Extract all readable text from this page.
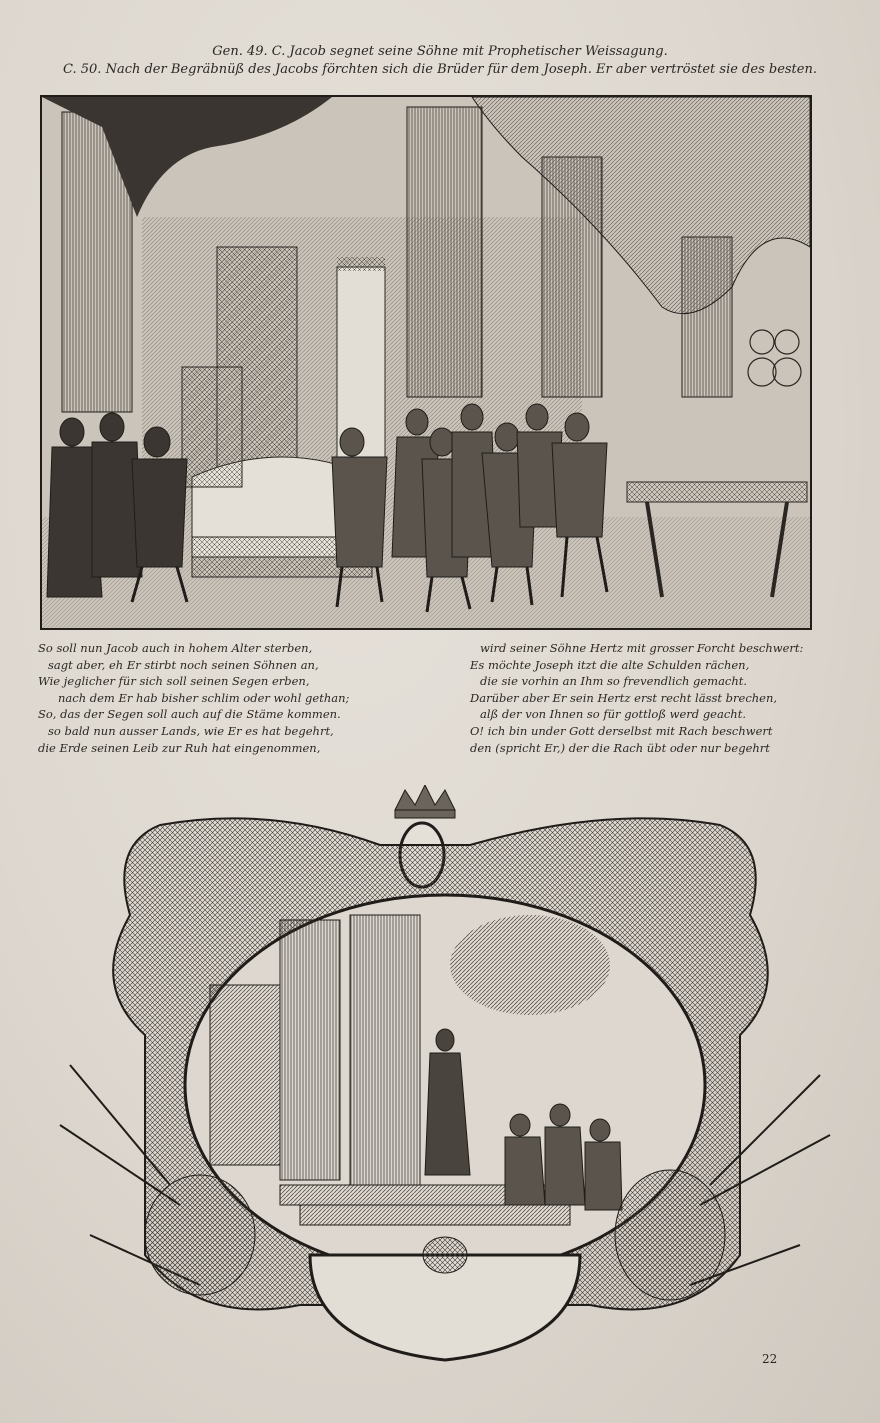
Gen. 49. C. Jacob segnet seine Söhne mit Prophetischer Weissagung.
C. 50. Nach der Begräbnüß des Jacobs förchten sich die Brüder für dem Joseph. Er aber vertröstet sie des besten.
So soll nun Jacob auch in hohem Alter sterben,
sagt aber, eh Er stirbt noch seinen Söhnen an,
Wie jeglicher für sich soll seinen Segen erben,
nach dem Er hab bisher schlim oder wohl gethan;
So, das der Segen soll auch auf die Stäme kommen.
so bald nun ausser Lands, wie Er es hat begehrt,
die Erde seinen Leib zur Ruh hat eingenommen,
wird seiner Söhne Hertz mit grosser Forcht beschwert:
Es möchte Joseph itzt die alte Schulden rächen,
die sie vorhin an Ihm so frevendlich gemacht.
Darüber aber Er sein Hertz erst recht lässt brechen,
alß der von Ihnen so für gottloß werd geacht.
O! ich bin under Gott derselbst mit Rach beschwert
den (spricht Er,) der die Rach übt oder nur begehrt
22
